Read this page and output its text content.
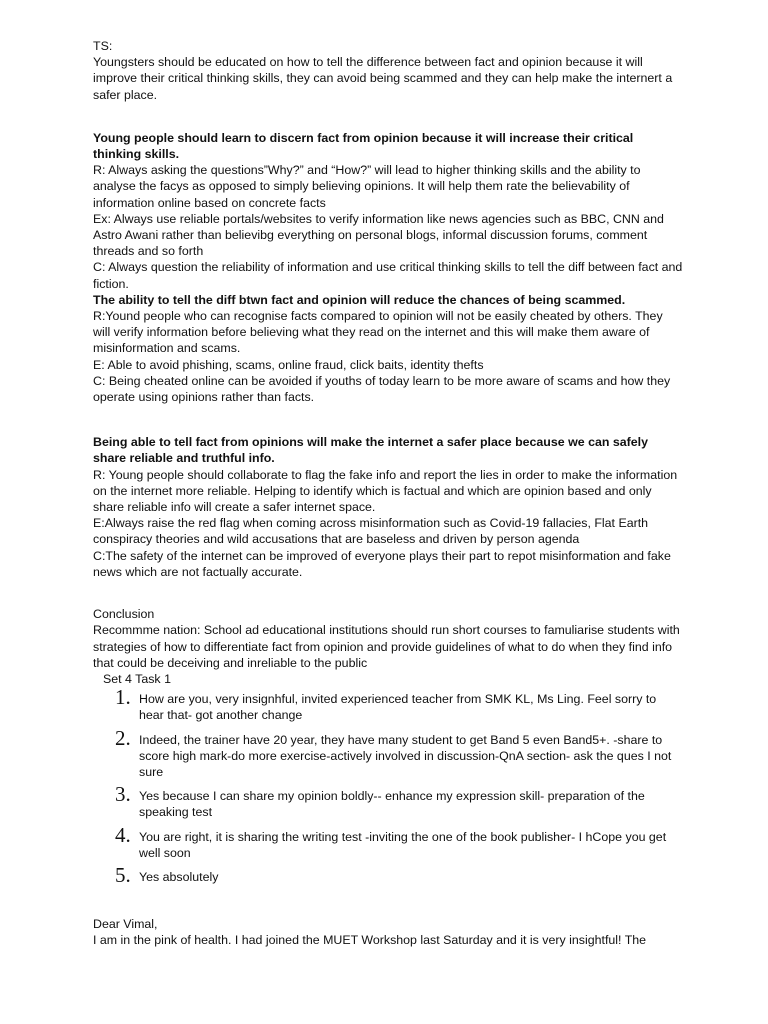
TS:

Youngsters should be educated on how to tell the difference between fact and opinion because it will improve their critical thinking skills, they can avoid being scammed and they can help make the internert a safer place.

Young people should learn to discern fact from opinion because it will increase their critical thinking skills.

R: Always asking the questions”Why?” and “How?” will lead to higher thinking skills and the ability to analyse the facys as opposed to simply believing opinions. It will help them rate the believability of information online based on concrete facts

Ex: Always use reliable portals/websites to verify information like news agencies such as BBC, CNN and Astro Awani rather than believibg everything on personal blogs, informal discussion forums, comment threads and so forth

C: Always question the reliability of information and use critical thinking skills to tell the diff between fact and fiction.

The ability to tell the diff btwn fact and opinion will reduce the chances of being scammed.

R:Yound people who can recognise facts compared to opinion will not be easily cheated by others. They will verify information before believing what they read on the internet and this will make them aware of misinformation and scams.

E: Able to avoid phishing, scams, online fraud, click baits, identity thefts

C: Being cheated online can be avoided if youths of today learn to be more aware of scams and how they operate using opinions rather than facts.

Being able to tell fact from opinions will make the internet a safer place because we can safely share reliable and truthful info.

R: Young people should collaborate to flag the fake info and report the lies in order to make the information on the internet more reliable. Helping to identify which is factual and which are opinion based and only share reliable info will create a safer internet space.

E:Always raise the red flag when coming across misinformation such as Covid-19 fallacies, Flat Earth conspiracy theories and wild accusations that are baseless and driven by person agenda

C:The safety of the internet can be improved of everyone plays their part to repot misinformation and fake news which are not factually accurate.

Conclusion

Recommme nation: School ad educational institutions should run short courses to famuliarise students with strategies of how to differentiate fact from opinion and provide guidelines of what to do when they find info that could be deceiving and inreliable to the public

Set 4 Task 1

1. How are you, very insignhful, invited experienced teacher from SMK KL, Ms Ling. Feel sorry to hear that- got another change
2. Indeed, the trainer have 20 year, they have many student to get Band 5 even Band5+. -share to score high mark-do more exercise-actively involved in discussion-QnA section- ask the ques I not sure
3. Yes because I can share my opinion boldly-- enhance my expression skill- preparation of the speaking test
4. You are right, it is sharing the writing test -inviting the one of the book publisher- I hCope you get well soon
5. Yes absolutely

Dear Vimal,

I am in the pink of health. I had joined the MUET Workshop last Saturday and it is very insightful! The
